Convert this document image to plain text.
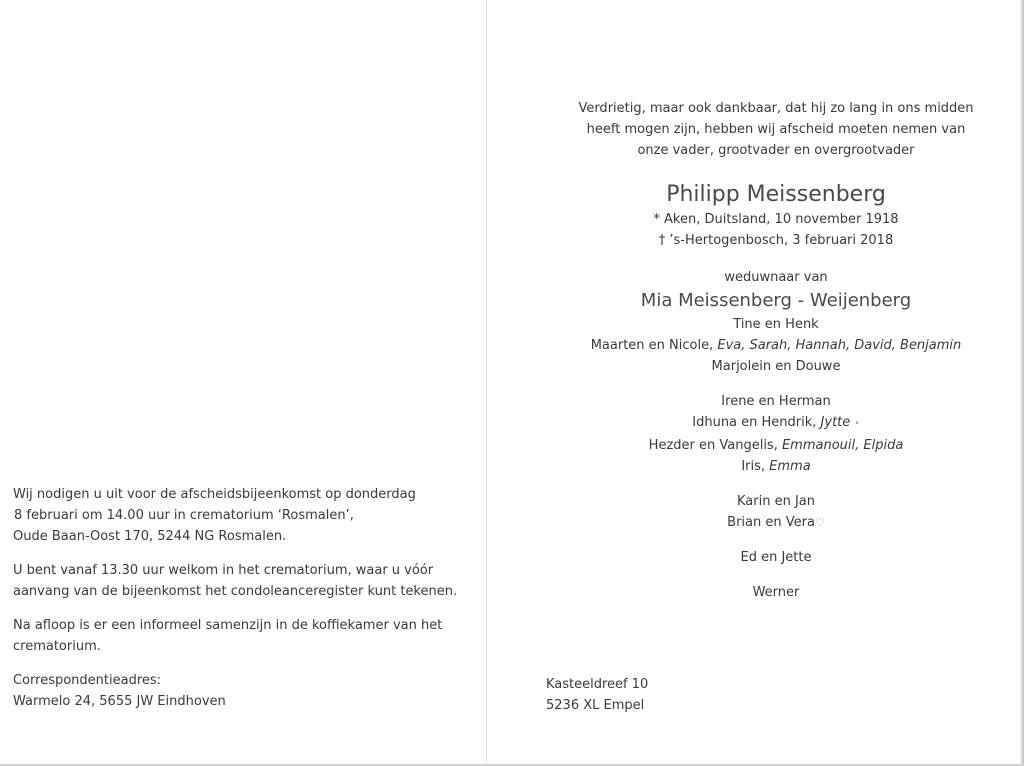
Wij nodigen u uit voor de afscheidsbijeenkomst op donderdag

8 februari om 14.00 uur in crematorium ‘Rosmalen’,

Oude Baan-Oost 170, 5244 NG Rosmalen.

U bent vanaf 13.30 uur welkom in het crematorium, waar u vóór

aanvang van de bijeenkomst het condoleanceregister kunt tekenen.

Na afloop is er een informeel samenzijn in de koffiekamer van het

crematorium.

Correspondentieadres:

Warmelo 24, 5655 JW Eindhoven

Verdrietig, maar ook dankbaar, dat hij zo lang in ons midden

heeft mogen zijn, hebben wij afscheid moeten nemen van

onze vader, grootvader en overgrootvader

Philipp Meissenberg

* Aken, Duitsland, 10 november 1918

† ’s-Hertogenbosch, 3 februari 2018

weduwnaar van

Mia Meissenberg - Weijenberg

Tine en Henk

Maarten en Nicole, Eva, Sarah, Hannah, David, Benjamin

Marjolein en Douwe

Irene en Herman

Idhuna en Hendrik, Jytte •

Hezder en Vangelis, Emmanouil, Elpida

Iris, Emma

Karin en Jan

Brian en Vera♡

Ed en Jette

Werner

Kasteeldreef 10

5236 XL Empel
